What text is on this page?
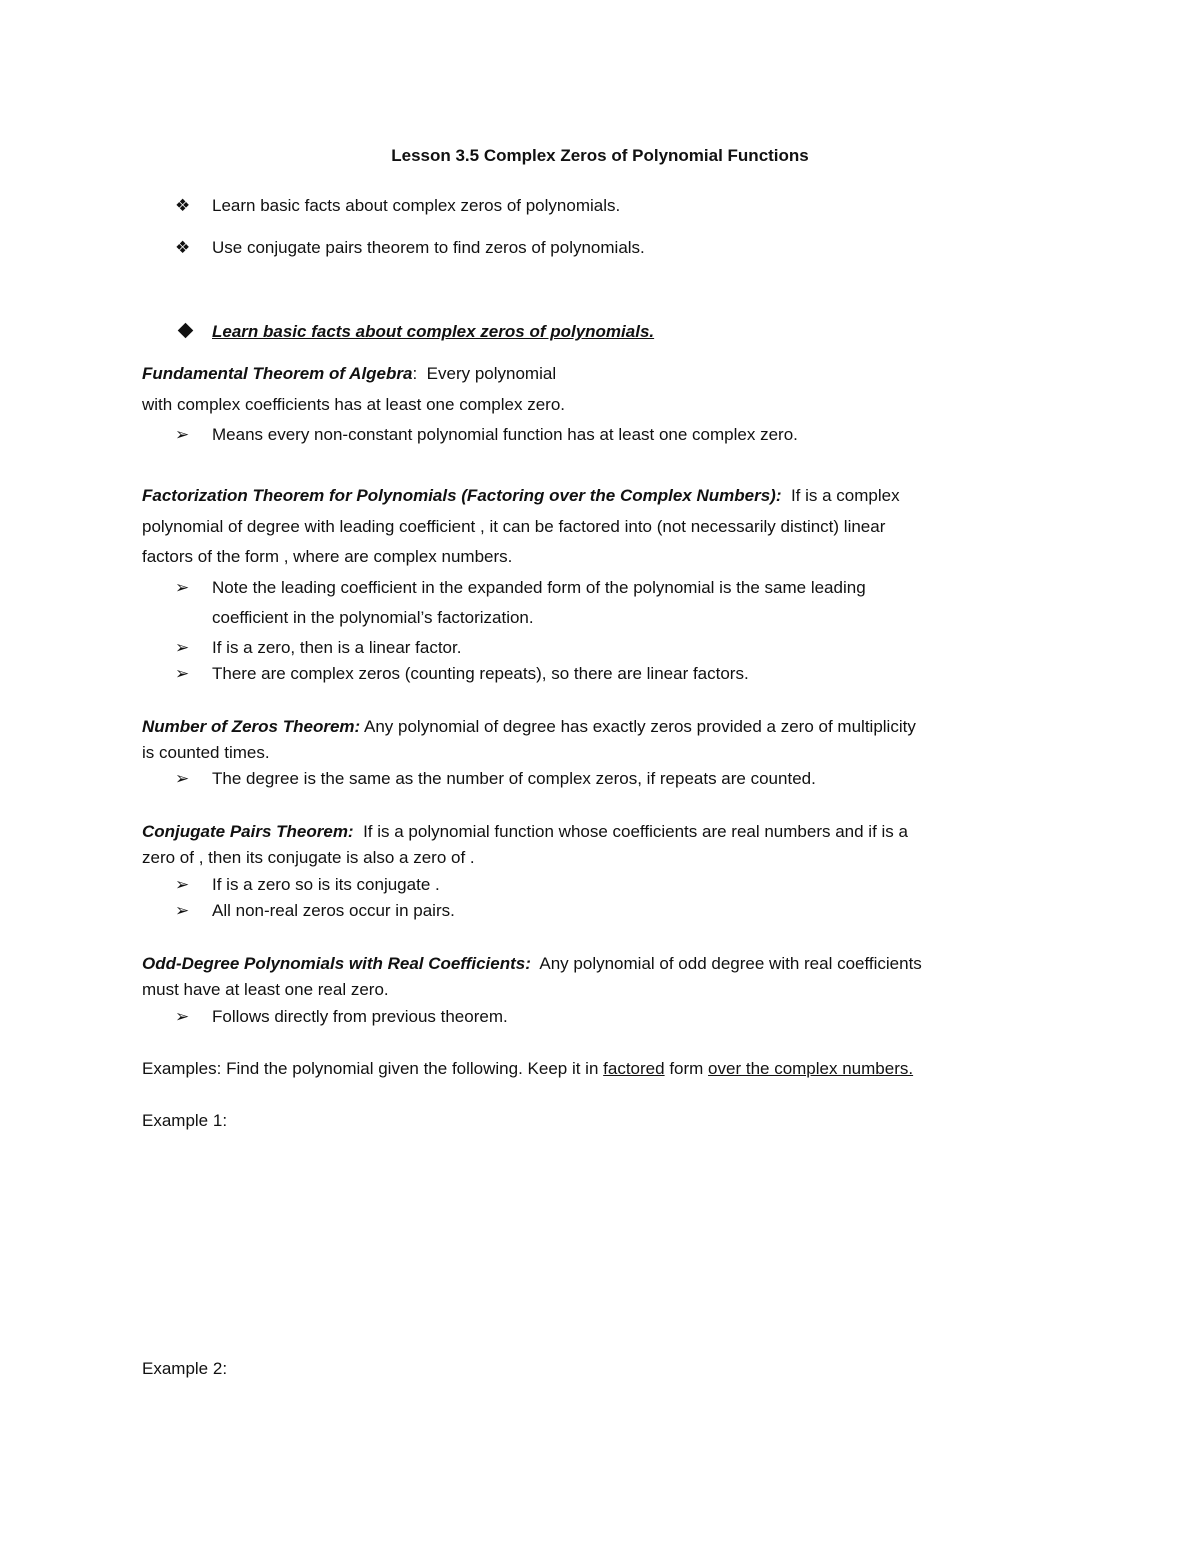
Lesson 3.5 Complex Zeros of Polynomial Functions

❖ Learn basic facts about complex zeros of polynomials.

❖ Use conjugate pairs theorem to find zeros of polynomials.

Learn basic facts about complex zeros of polynomials.

Fundamental Theorem of Algebra: Every polynomial

with complex coefficients has at least one complex zero.

➢ Means every non-constant polynomial function has at least one complex zero.

Factorization Theorem for Polynomials (Factoring over the Complex Numbers): If is a complex

polynomial of degree with leading coefficient , it can be factored into (not necessarily distinct) linear

factors of the form , where are complex numbers.

➢ Note the leading coefficient in the expanded form of the polynomial is the same leading

coefficient in the polynomial’s factorization.

➢ If is a zero, then is a linear factor.

➢ There are complex zeros (counting repeats), so there are linear factors.

Number of Zeros Theorem: Any polynomial of degree has exactly zeros provided a zero of multiplicity

is counted times.

➢ The degree is the same as the number of complex zeros, if repeats are counted.

Conjugate Pairs Theorem: If is a polynomial function whose coefficients are real numbers and if is a

zero of , then its conjugate is also a zero of .

➢ If is a zero so is its conjugate .

➢ All non-real zeros occur in pairs.

Odd-Degree Polynomials with Real Coefficients: Any polynomial of odd degree with real coefficients

must have at least one real zero.

➢ Follows directly from previous theorem.

Examples: Find the polynomial given the following. Keep it in factored form over the complex numbers.

Example 1:

Example 2:
